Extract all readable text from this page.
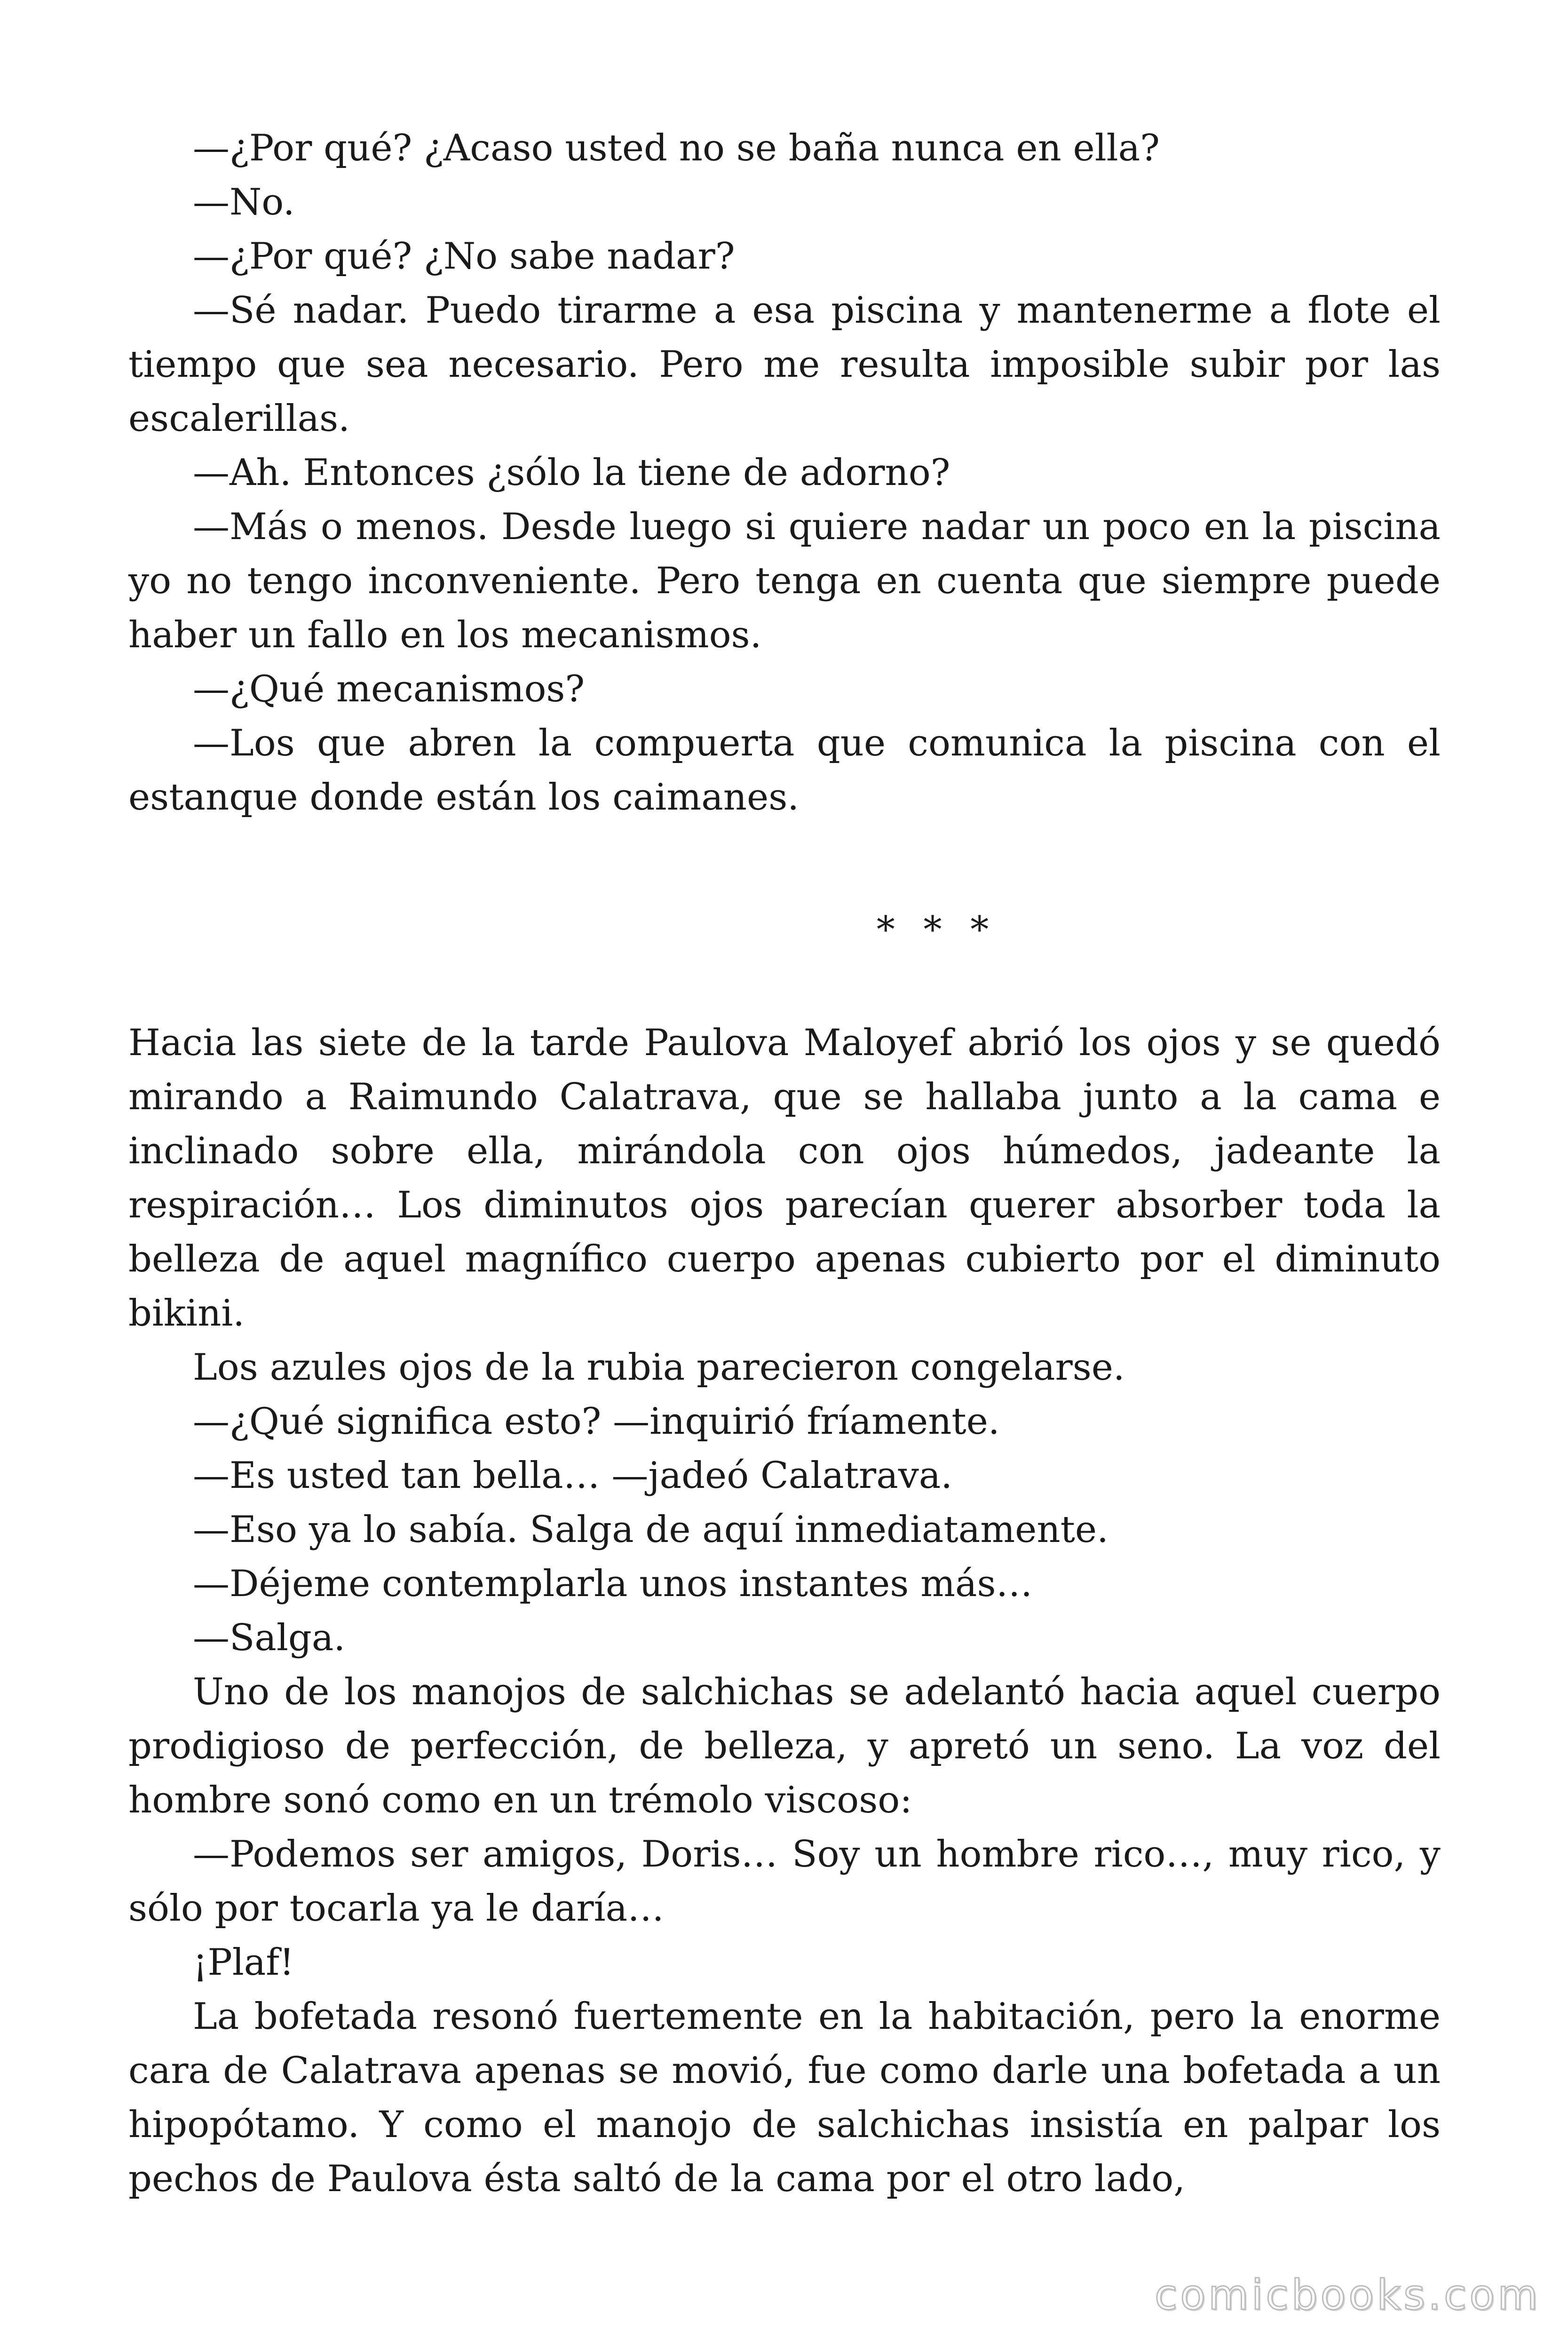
—¿Por qué? ¿Acaso usted no se baña nunca en ella?

—No.

—¿Por qué? ¿No sabe nadar?

—Sé nadar. Puedo tirarme a esa piscina y mantenerme a flote el tiempo que sea necesario. Pero me resulta imposible subir por las escalerillas.

—Ah. Entonces ¿sólo la tiene de adorno?

—Más o menos. Desde luego si quiere nadar un poco en la piscina yo no tengo inconveniente. Pero tenga en cuenta que siempre puede haber un fallo en los mecanismos.

—¿Qué mecanismos?

—Los que abren la compuerta que comunica la piscina con el estanque donde están los caimanes.

* * *

Hacia las siete de la tarde Paulova Maloyef abrió los ojos y se quedó mirando a Raimundo Calatrava, que se hallaba junto a la cama e inclinado sobre ella, mirándola con ojos húmedos, jadeante la respiración… Los diminutos ojos parecían querer absorber toda la belleza de aquel magnífico cuerpo apenas cubierto por el diminuto bikini.

Los azules ojos de la rubia parecieron congelarse.

—¿Qué significa esto? —inquirió fríamente.

—Es usted tan bella… —jadeó Calatrava.

—Eso ya lo sabía. Salga de aquí inmediatamente.

—Déjeme contemplarla unos instantes más…

—Salga.

Uno de los manojos de salchichas se adelantó hacia aquel cuerpo prodigioso de perfección, de belleza, y apretó un seno. La voz del hombre sonó como en un trémolo viscoso:

—Podemos ser amigos, Doris… Soy un hombre rico…, muy rico, y sólo por tocarla ya le daría…

¡Plaf!

La bofetada resonó fuertemente en la habitación, pero la enorme cara de Calatrava apenas se movió, fue como darle una bofetada a un hipopótamo. Y como el manojo de salchichas insistía en palpar los pechos de Paulova ésta saltó de la cama por el otro lado,

comicbooks.com
